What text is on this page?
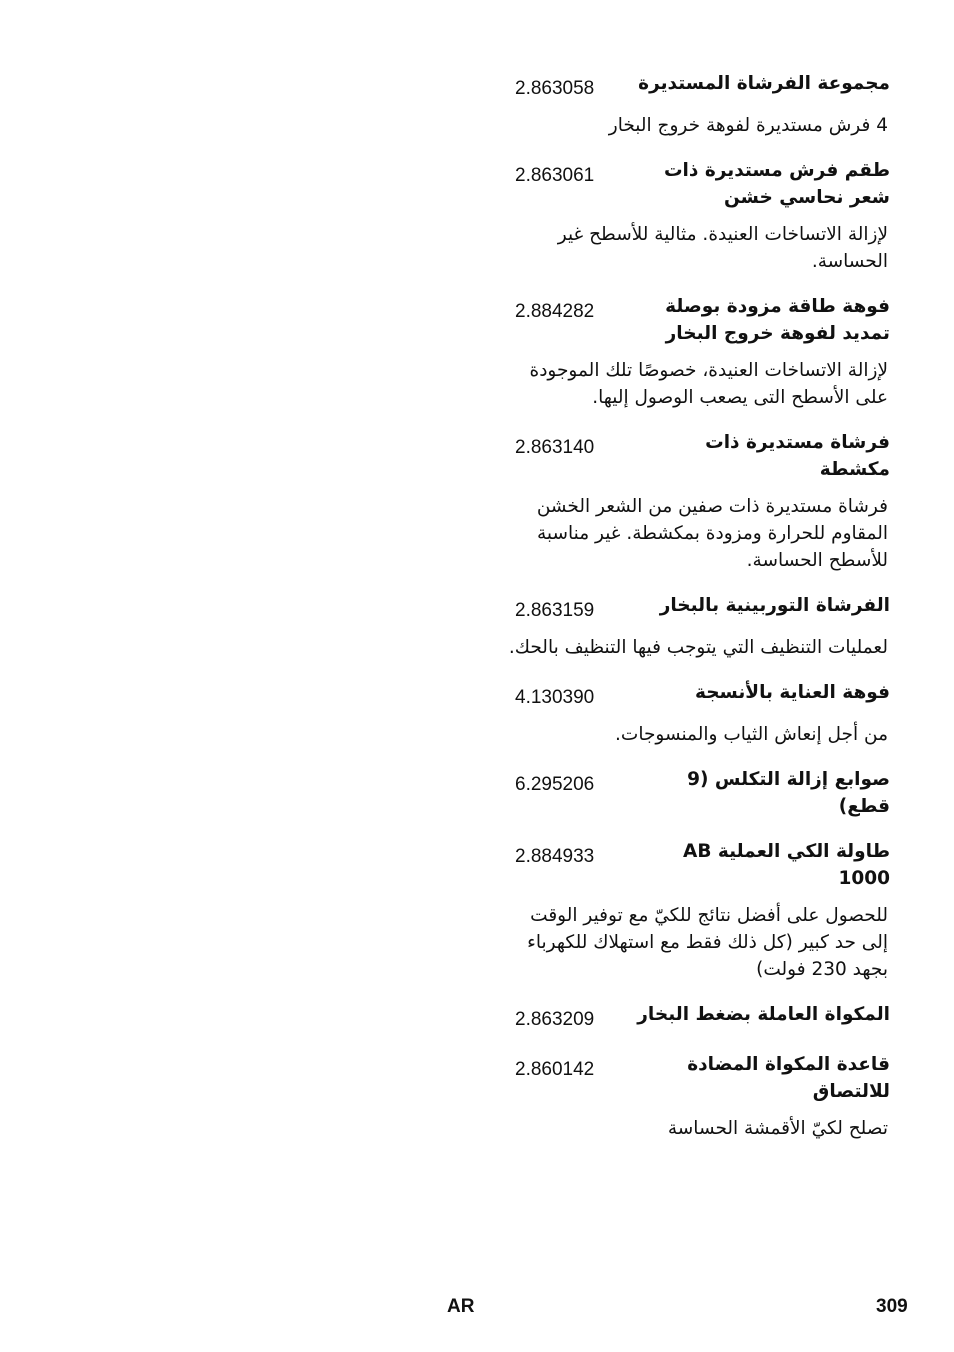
مجموعة الفرشاة المستديرة
2.863058
4 فرش مستديرة لفوهة خروج البخار
طقم فرش مستديرة ذات شعر نحاسي خشن
2.863061
لإزالة الاتساخات العنيدة. مثالية للأسطح غير الحساسة.
فوهة طاقة مزودة بوصلة تمديد لفوهة خروج البخار
2.884282
لإزالة الاتساخات العنيدة، خصوصًا تلك الموجودة على الأسطح التى يصعب الوصول إليها.
فرشاة مستديرة ذات مكشطة
2.863140
فرشاة مستديرة ذات صفين من الشعر الخشن المقاوم للحرارة ومزودة بمكشطة. غير مناسبة للأسطح الحساسة.
الفرشاة التوربينية بالبخار
2.863159
لعمليات التنظيف التي يتوجب فيها التنظيف بالحك.
فوهة العناية بالأنسجة
4.130390
من أجل إنعاش الثياب والمنسوجات.
صوابع إزالة التكلس (9 قطع)
6.295206
طاولة الكي العملية AB 1000
2.884933
للحصول على أفضل نتائج للكيّ مع توفير الوقت إلى حد كبير (كل ذلك فقط مع استهلاك للكهرباء بجهد 230 فولت)
المكواة العاملة بضغط البخار
2.863209
قاعدة المكواة المضادة للالتصاق
2.860142
تصلح لكيّ الأقمشة الحساسة
AR	309
